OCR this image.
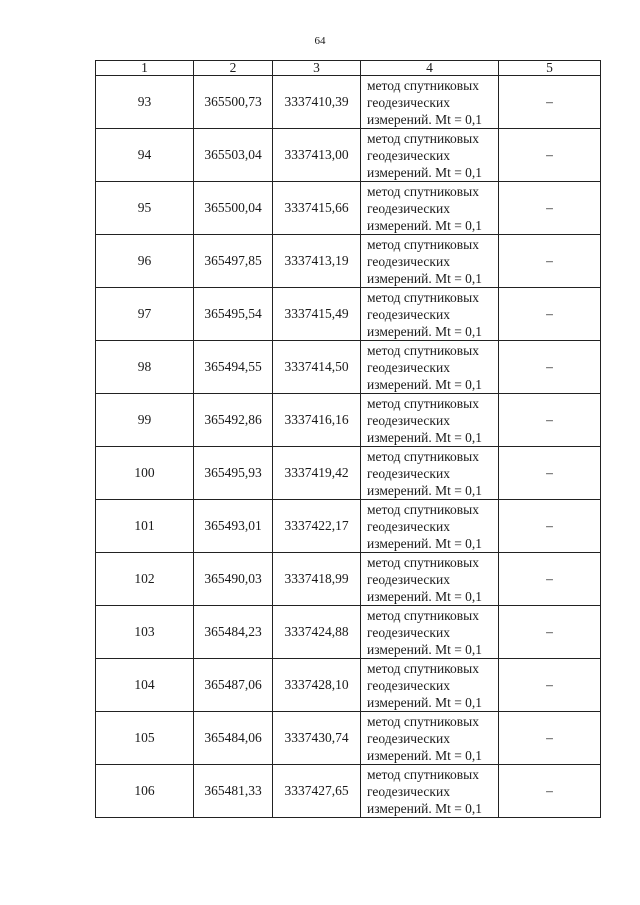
64
1	2	3	4	5
93	365500,73	3337410,39	метод спутниковых
геодезических
измерений. Mt = 0,1	–
94	365503,04	3337413,00	метод спутниковых
геодезических
измерений. Mt = 0,1	–
95	365500,04	3337415,66	метод спутниковых
геодезических
измерений. Mt = 0,1	–
96	365497,85	3337413,19	метод спутниковых
геодезических
измерений. Mt = 0,1	–
97	365495,54	3337415,49	метод спутниковых
геодезических
измерений. Mt = 0,1	–
98	365494,55	3337414,50	метод спутниковых
геодезических
измерений. Mt = 0,1	–
99	365492,86	3337416,16	метод спутниковых
геодезических
измерений. Mt = 0,1	–
100	365495,93	3337419,42	метод спутниковых
геодезических
измерений. Mt = 0,1	–
101	365493,01	3337422,17	метод спутниковых
геодезических
измерений. Mt = 0,1	–
102	365490,03	3337418,99	метод спутниковых
геодезических
измерений. Mt = 0,1	–
103	365484,23	3337424,88	метод спутниковых
геодезических
измерений. Mt = 0,1	–
104	365487,06	3337428,10	метод спутниковых
геодезических
измерений. Mt = 0,1	–
105	365484,06	3337430,74	метод спутниковых
геодезических
измерений. Mt = 0,1	–
106	365481,33	3337427,65	метод спутниковых
геодезических
измерений. Mt = 0,1	–
